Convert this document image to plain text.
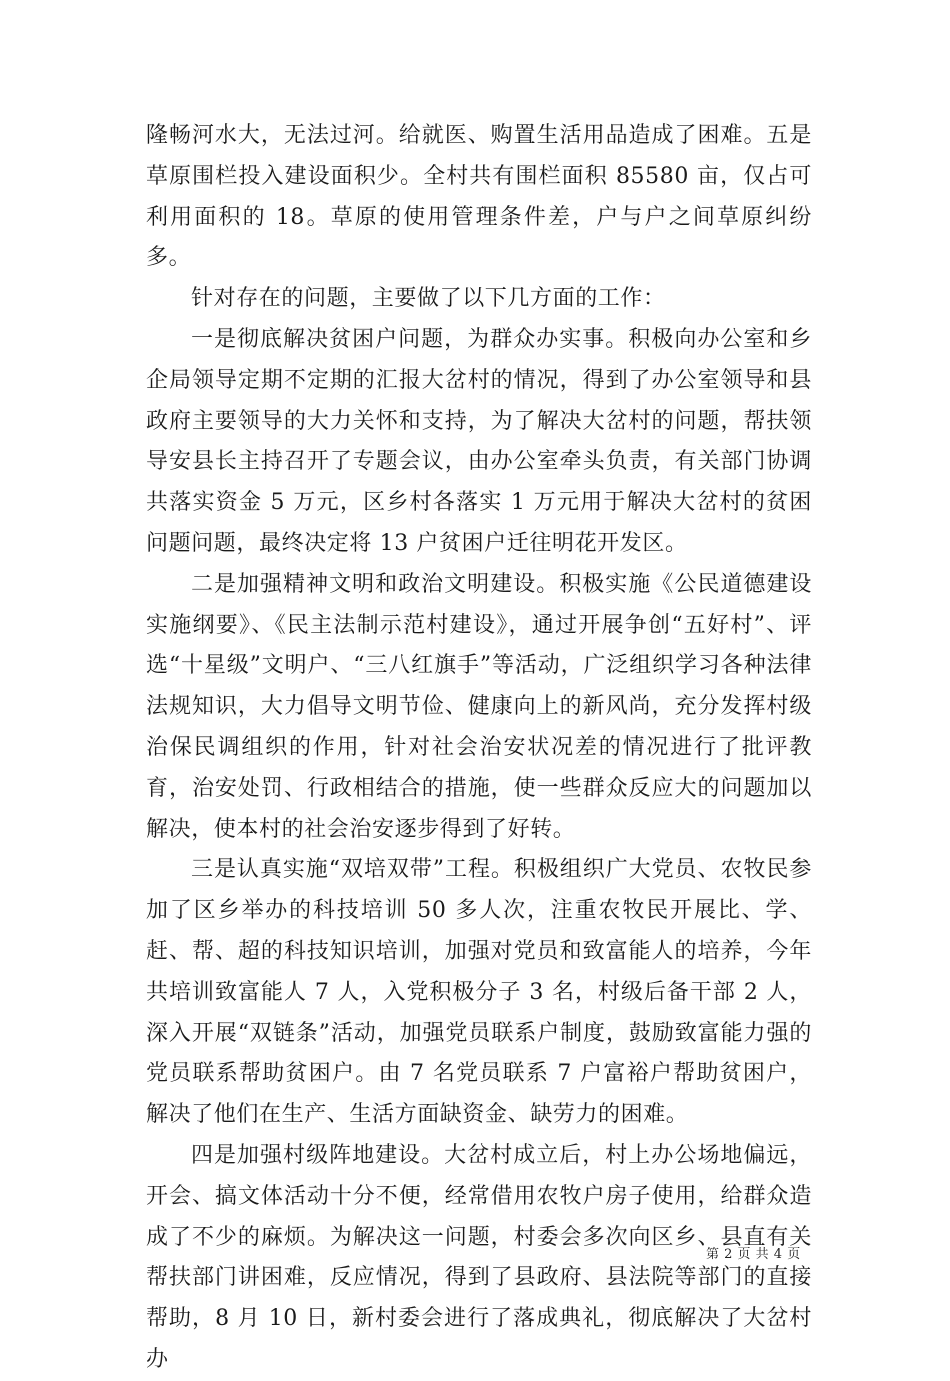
隆畅河水大，无法过河。给就医、购置生活用品造成了困难。五是草原围栏投入建设面积少。全村共有围栏面积 85580 亩，仅占可利用面积的 18。草原的使用管理条件差，户与户之间草原纠纷多。

针对存在的问题，主要做了以下几方面的工作：

一是彻底解决贫困户问题，为群众办实事。积极向办公室和乡企局领导定期不定期的汇报大岔村的情况，得到了办公室领导和县政府主要领导的大力关怀和支持，为了解决大岔村的问题，帮扶领导安县长主持召开了专题会议，由办公室牵头负责，有关部门协调共落实资金 5 万元，区乡村各落实 1 万元用于解决大岔村的贫困问题问题，最终决定将 13 户贫困户迁往明花开发区。

二是加强精神文明和政治文明建设。积极实施《公民道德建设实施纲要》、《民主法制示范村建设》，通过开展争创“五好村”、评选“十星级”文明户、“三八红旗手”等活动，广泛组织学习各种法律法规知识，大力倡导文明节俭、健康向上的新风尚，充分发挥村级治保民调组织的作用，针对社会治安状况差的情况进行了批评教育，治安处罚、行政相结合的措施，使一些群众反应大的问题加以解决，使本村的社会治安逐步得到了好转。

三是认真实施“双培双带”工程。积极组织广大党员、农牧民参加了区乡举办的科技培训 50 多人次，注重农牧民开展比、学、赶、帮、超的科技知识培训，加强对党员和致富能人的培养，今年共培训致富能人 7 人，入党积极分子 3 名，村级后备干部 2 人，深入开展“双链条”活动，加强党员联系户制度，鼓励致富能力强的党员联系帮助贫困户。由 7 名党员联系 7 户富裕户帮助贫困户，解决了他们在生产、生活方面缺资金、缺劳力的困难。

四是加强村级阵地建设。大岔村成立后，村上办公场地偏远，开会、搞文体活动十分不便，经常借用农牧户房子使用，给群众造成了不少的麻烦。为解决这一问题，村委会多次向区乡、县直有关帮扶部门讲困难，反应情况，得到了县政府、县法院等部门的直接帮助，8 月 10 日，新村委会进行了落成典礼，彻底解决了大岔村办

第 2 页 共 4 页
